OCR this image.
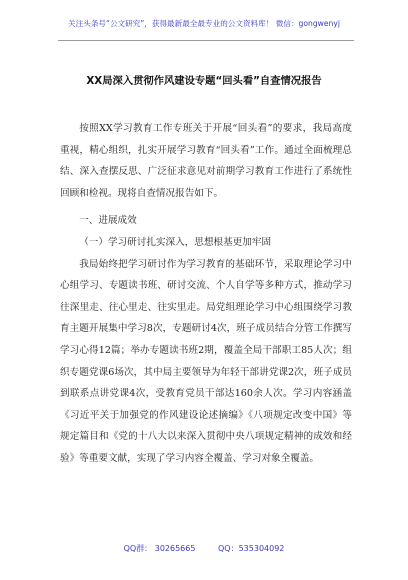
关注头条号“公文研究”，获得最新最全最专业的公文资料库！ 微信：gongwenyj
XX局深入贯彻作风建设专题“回头看”自查情况报告

按照XX学习教育工作专班关于开展“回头看”的要求，我局高度重视，精心组织，扎实开展学习教育“回头看”工作。通过全面梳理总结、深入查摆反思、广泛征求意见对前期学习教育工作进行了系统性回顾和检视。现将自查情况报告如下。

一、进展成效

（一）学习研讨扎实深入，思想根基更加牢固

我局始终把学习研讨作为学习教育的基础环节，采取理论学习中心组学习、专题读书班、研讨交流、个人自学等多种方式，推动学习往深里走、往心里走、往实里走。局党组理论学习中心组围绕学习教育主题开展集中学习8次，专题研讨4次，班子成员结合分管工作撰写学习心得12篇；举办专题读书班2期，覆盖全局干部职工85人次；组织专题党课6场次，其中局主要领导为年轻干部讲党课2次，班子成员到联系点讲党课4次，受教育党员干部达160余人次。学习内容涵盖《习近平关于加强党的作风建设论述摘编》《八项规定改变中国》等规定篇目和《党的十八大以来深入贯彻中央八项规定精神的成效和经验》等重要文献，实现了学习内容全覆盖、学习对象全覆盖。

QQ群： 30265665	QQ：535304092
